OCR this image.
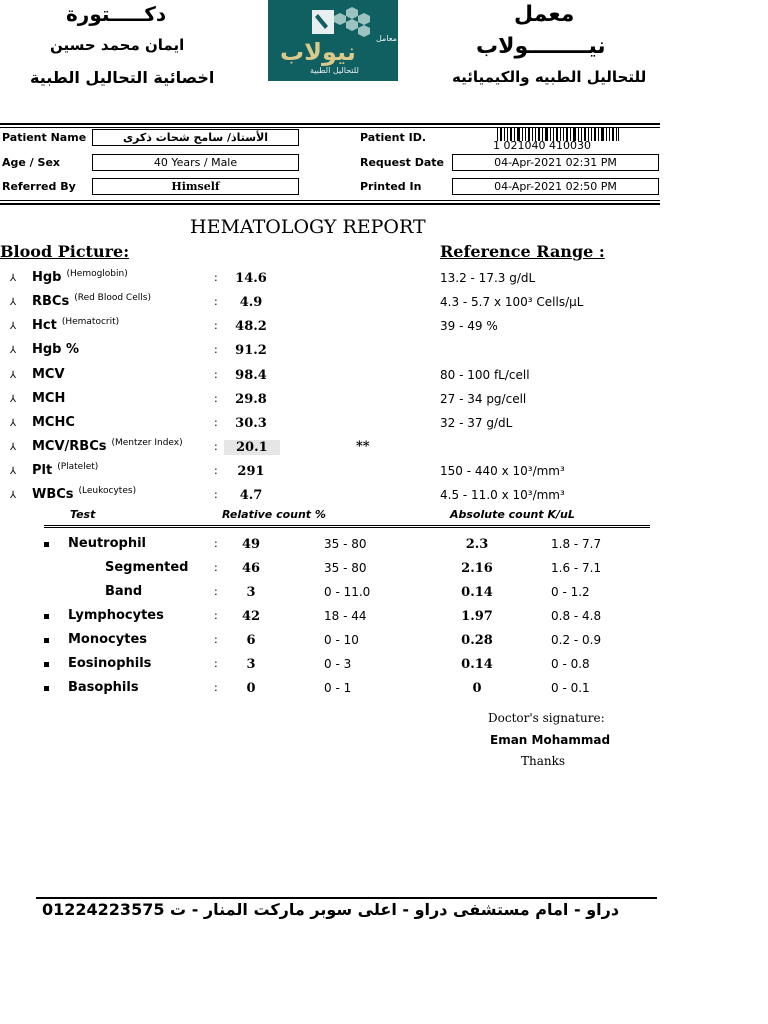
دكـــــتورة
ايمان محمد حسين
اخصائية التحاليل الطبية
معمل
نيــــــــولاب
للتحاليل الطبيه والكيميائيه
معامل
نيولاب
للتحاليل الطبية
Patient Name	الأستاذ/ سامح شحات ذكرى
Age / Sex	40 Years / Male
Referred By	Himself
Patient ID.
1 021040 410030
Request Date	04-Apr-2021 02:31 PM
Printed In	04-Apr-2021 02:50 PM
HEMATOLOGY REPORT
Blood Picture:	Reference Range :
⅄ Hgb $^{(Hemoglobin)}$	:	14.6	13.2 - 17.3 g/dL
⅄ RBCs $^{(Red Blood Cells)}$	:	4.9	4.3 - 5.7 x 100³ Cells/µL
⅄ Hct $^{(Hematocrit)}$	:	48.2	39 - 49 %
⅄ Hgb %	:	91.2
⅄ MCV	:	98.4	80 - 100 fL/cell
⅄ MCH	:	29.8	27 - 34 pg/cell
⅄ MCHC	:	30.3	32 - 37 g/dL
⅄ MCV/RBCs $^{(Mentzer Index)}$	:	20.1	**
⅄ Plt $^{(Platelet)}$	:	291	150 - 440 x 10³/mm³
⅄ WBCs $^{(Leukocytes)}$	:	4.7	4.5 - 11.0 x 10³/mm³
Test	Relative count %	Absolute count K/uL
Neutrophil	:	49	35 - 80	2.3	1.8 - 7.7
Segmented :	46	35 - 80	2.16	1.6 - 7.1
Band	:	3	0 - 11.0	0.14	0 - 1.2
Lymphocytes	:	42	18 - 44	1.97	0.8 - 4.8
Monocytes	:	6	0 - 10	0.28	0.2 - 0.9
Eosinophils	:	3	0 - 3	0.14	0 - 0.8
Basophils	:	0	0 - 1	0	0 - 0.1
Doctor's signature:
Eman Mohammad
Thanks
دراو - امام مستشفى دراو - اعلى سوبر ماركت المنار - ت 01224223575
